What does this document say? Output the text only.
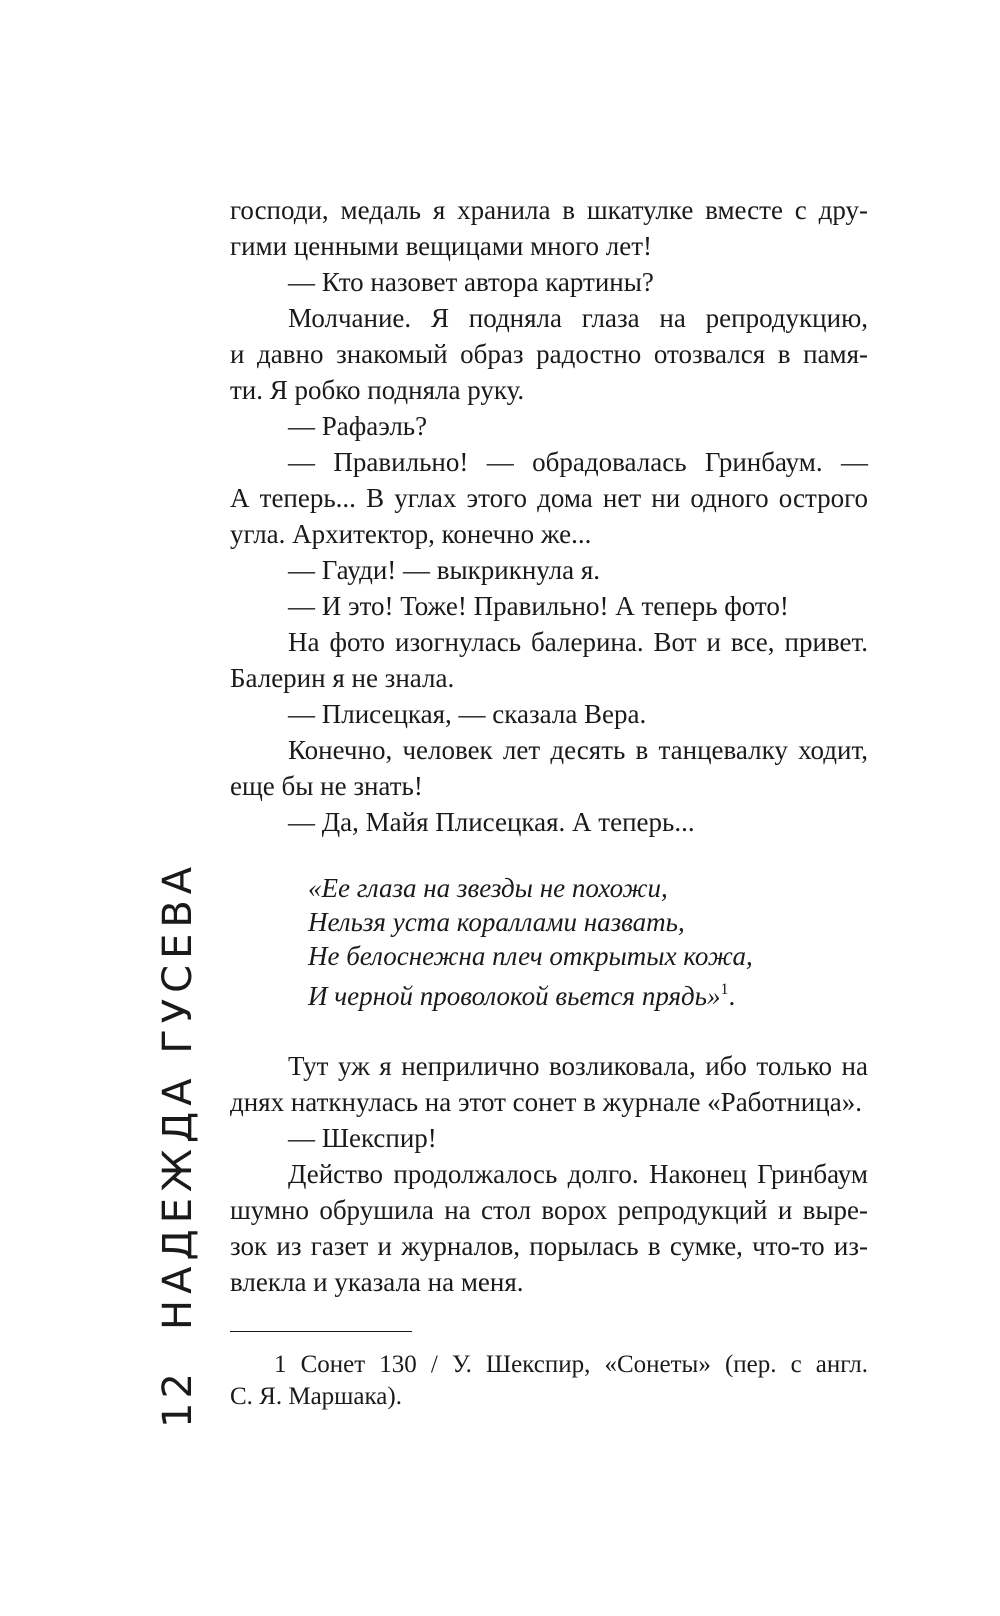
НАДЕЖДА ГУСЕВА
12
господи, медаль я хранила в шкатулке вместе с дру-
гими ценными вещицами много лет!
— Кто назовет автора картины?
Молчание. Я подняла глаза на репродукцию,
и давно знакомый образ радостно отозвался в памя-
ти. Я робко подняла руку.
— Рафаэль?
— Правильно! — обрадовалась Гринбаум. —
А теперь... В углах этого дома нет ни одного острого
угла. Архитектор, конечно же...
— Гауди! — выкрикнула я.
— И это! Тоже! Правильно! А теперь фото!
На фото изогнулась балерина. Вот и все, привет.
Балерин я не знала.
— Плисецкая, — сказала Вера.
Конечно, человек лет десять в танцевалку ходит,
еще бы не знать!
— Да, Майя Плисецкая. А теперь...
«Ее глаза на звезды не похожи,
Нельзя уста кораллами назвать,
Не белоснежна плеч открытых кожа,
И черной проволокой вьется прядь»$^1$.
Тут уж я неприлично возликовала, ибо только на
днях наткнулась на этот сонет в журнале «Работница».
— Шекспир!
Действо продолжалось долго. Наконец Гринбаум
шумно обрушила на стол ворох репродукций и выре-
зок из газет и журналов, порылась в сумке, что-то из-
влекла и указала на меня.
1 Сонет 130 / У. Шекспир, «Сонеты» (пер. с англ.
С. Я. Маршака).
